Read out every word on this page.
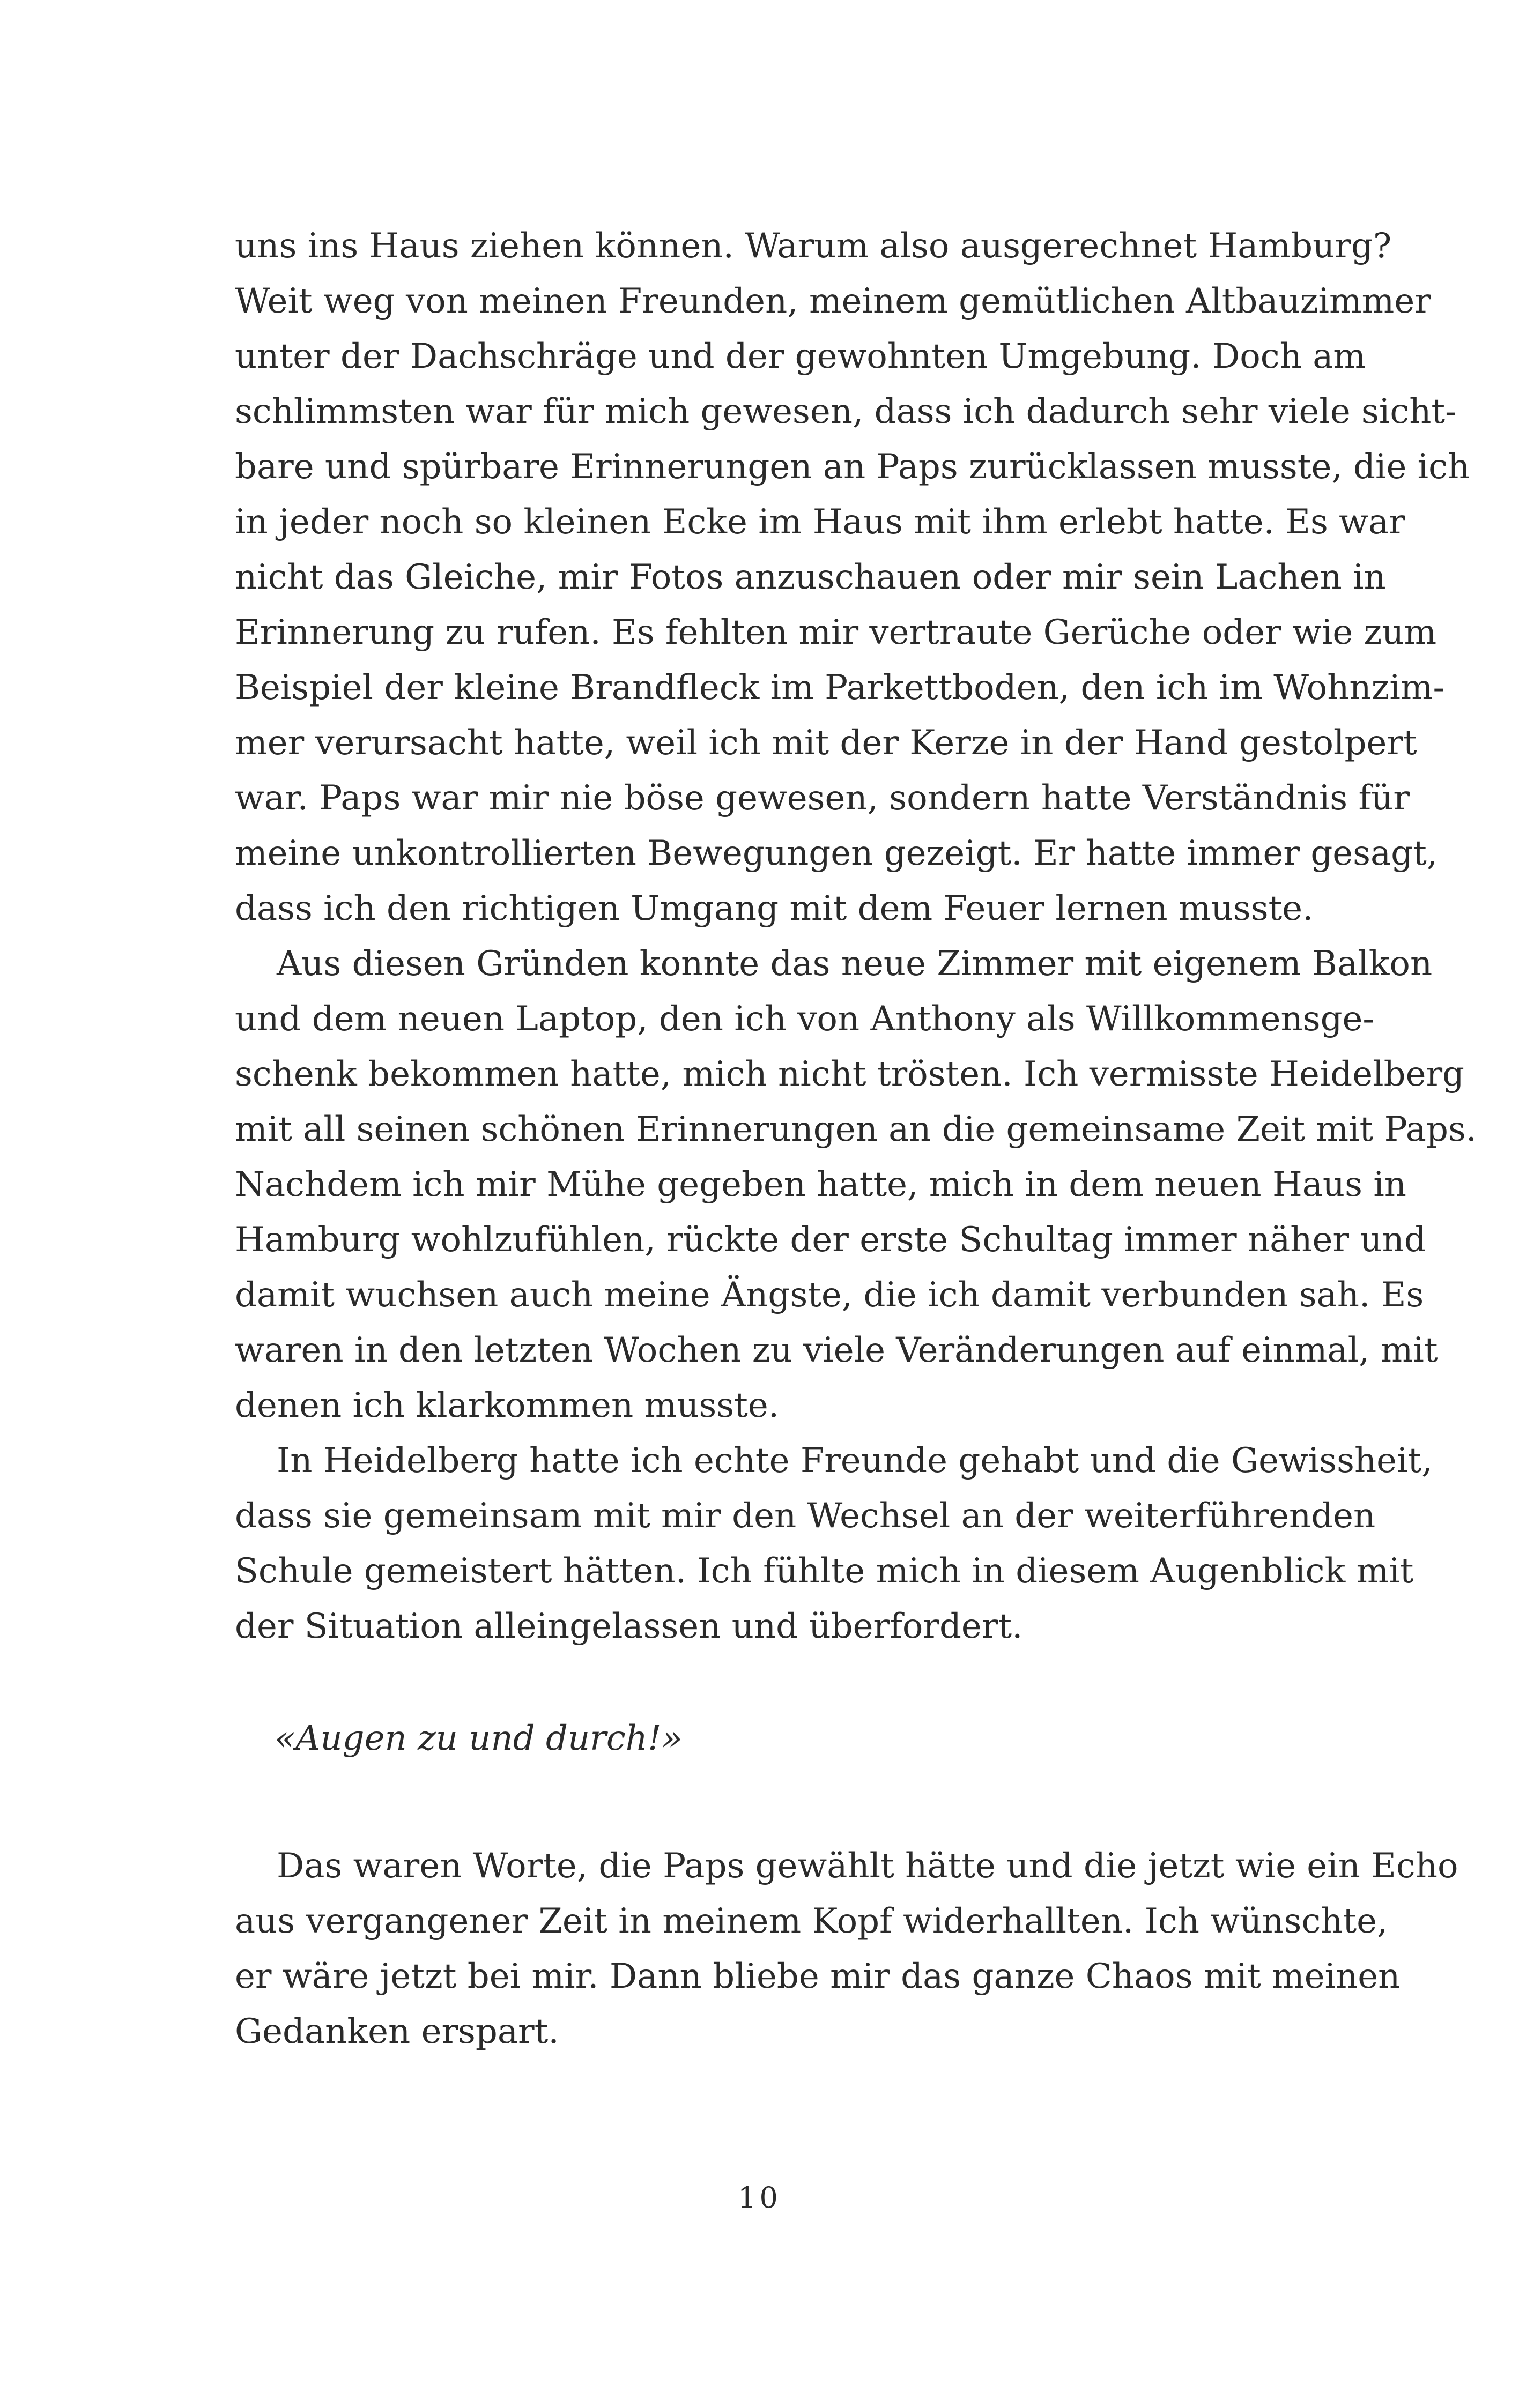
uns ins Haus ziehen können. Warum also ausgerechnet Hamburg?
Weit weg von meinen Freunden, meinem gemütlichen Altbauzimmer
unter der Dachschräge und der gewohnten Umgebung. Doch am
schlimmsten war für mich gewesen, dass ich dadurch sehr viele sicht-
bare und spürbare Erinnerungen an Paps zurücklassen musste, die ich
in jeder noch so kleinen Ecke im Haus mit ihm erlebt hatte. Es war
nicht das Gleiche, mir Fotos anzuschauen oder mir sein Lachen in
Erinnerung zu rufen. Es fehlten mir vertraute Gerüche oder wie zum
Beispiel der kleine Brandfleck im Parkettboden, den ich im Wohnzim-
mer verursacht hatte, weil ich mit der Kerze in der Hand gestolpert
war. Paps war mir nie böse gewesen, sondern hatte Verständnis für
meine unkontrollierten Bewegungen gezeigt. Er hatte immer gesagt,
dass ich den richtigen Umgang mit dem Feuer lernen musste.
Aus diesen Gründen konnte das neue Zimmer mit eigenem Balkon
und dem neuen Laptop, den ich von Anthony als Willkommensge-
schenk bekommen hatte, mich nicht trösten. Ich vermisste Heidelberg
mit all seinen schönen Erinnerungen an die gemeinsame Zeit mit Paps.
Nachdem ich mir Mühe gegeben hatte, mich in dem neuen Haus in
Hamburg wohlzufühlen, rückte der erste Schultag immer näher und
damit wuchsen auch meine Ängste, die ich damit verbunden sah. Es
waren in den letzten Wochen zu viele Veränderungen auf einmal, mit
denen ich klarkommen musste.
In Heidelberg hatte ich echte Freunde gehabt und die Gewissheit,
dass sie gemeinsam mit mir den Wechsel an der weiterführenden
Schule gemeistert hätten. Ich fühlte mich in diesem Augenblick mit
der Situation alleingelassen und überfordert.
«Augen zu und durch!»
Das waren Worte, die Paps gewählt hätte und die jetzt wie ein Echo
aus vergangener Zeit in meinem Kopf widerhallten. Ich wünschte,
er wäre jetzt bei mir. Dann bliebe mir das ganze Chaos mit meinen
Gedanken erspart.
10
